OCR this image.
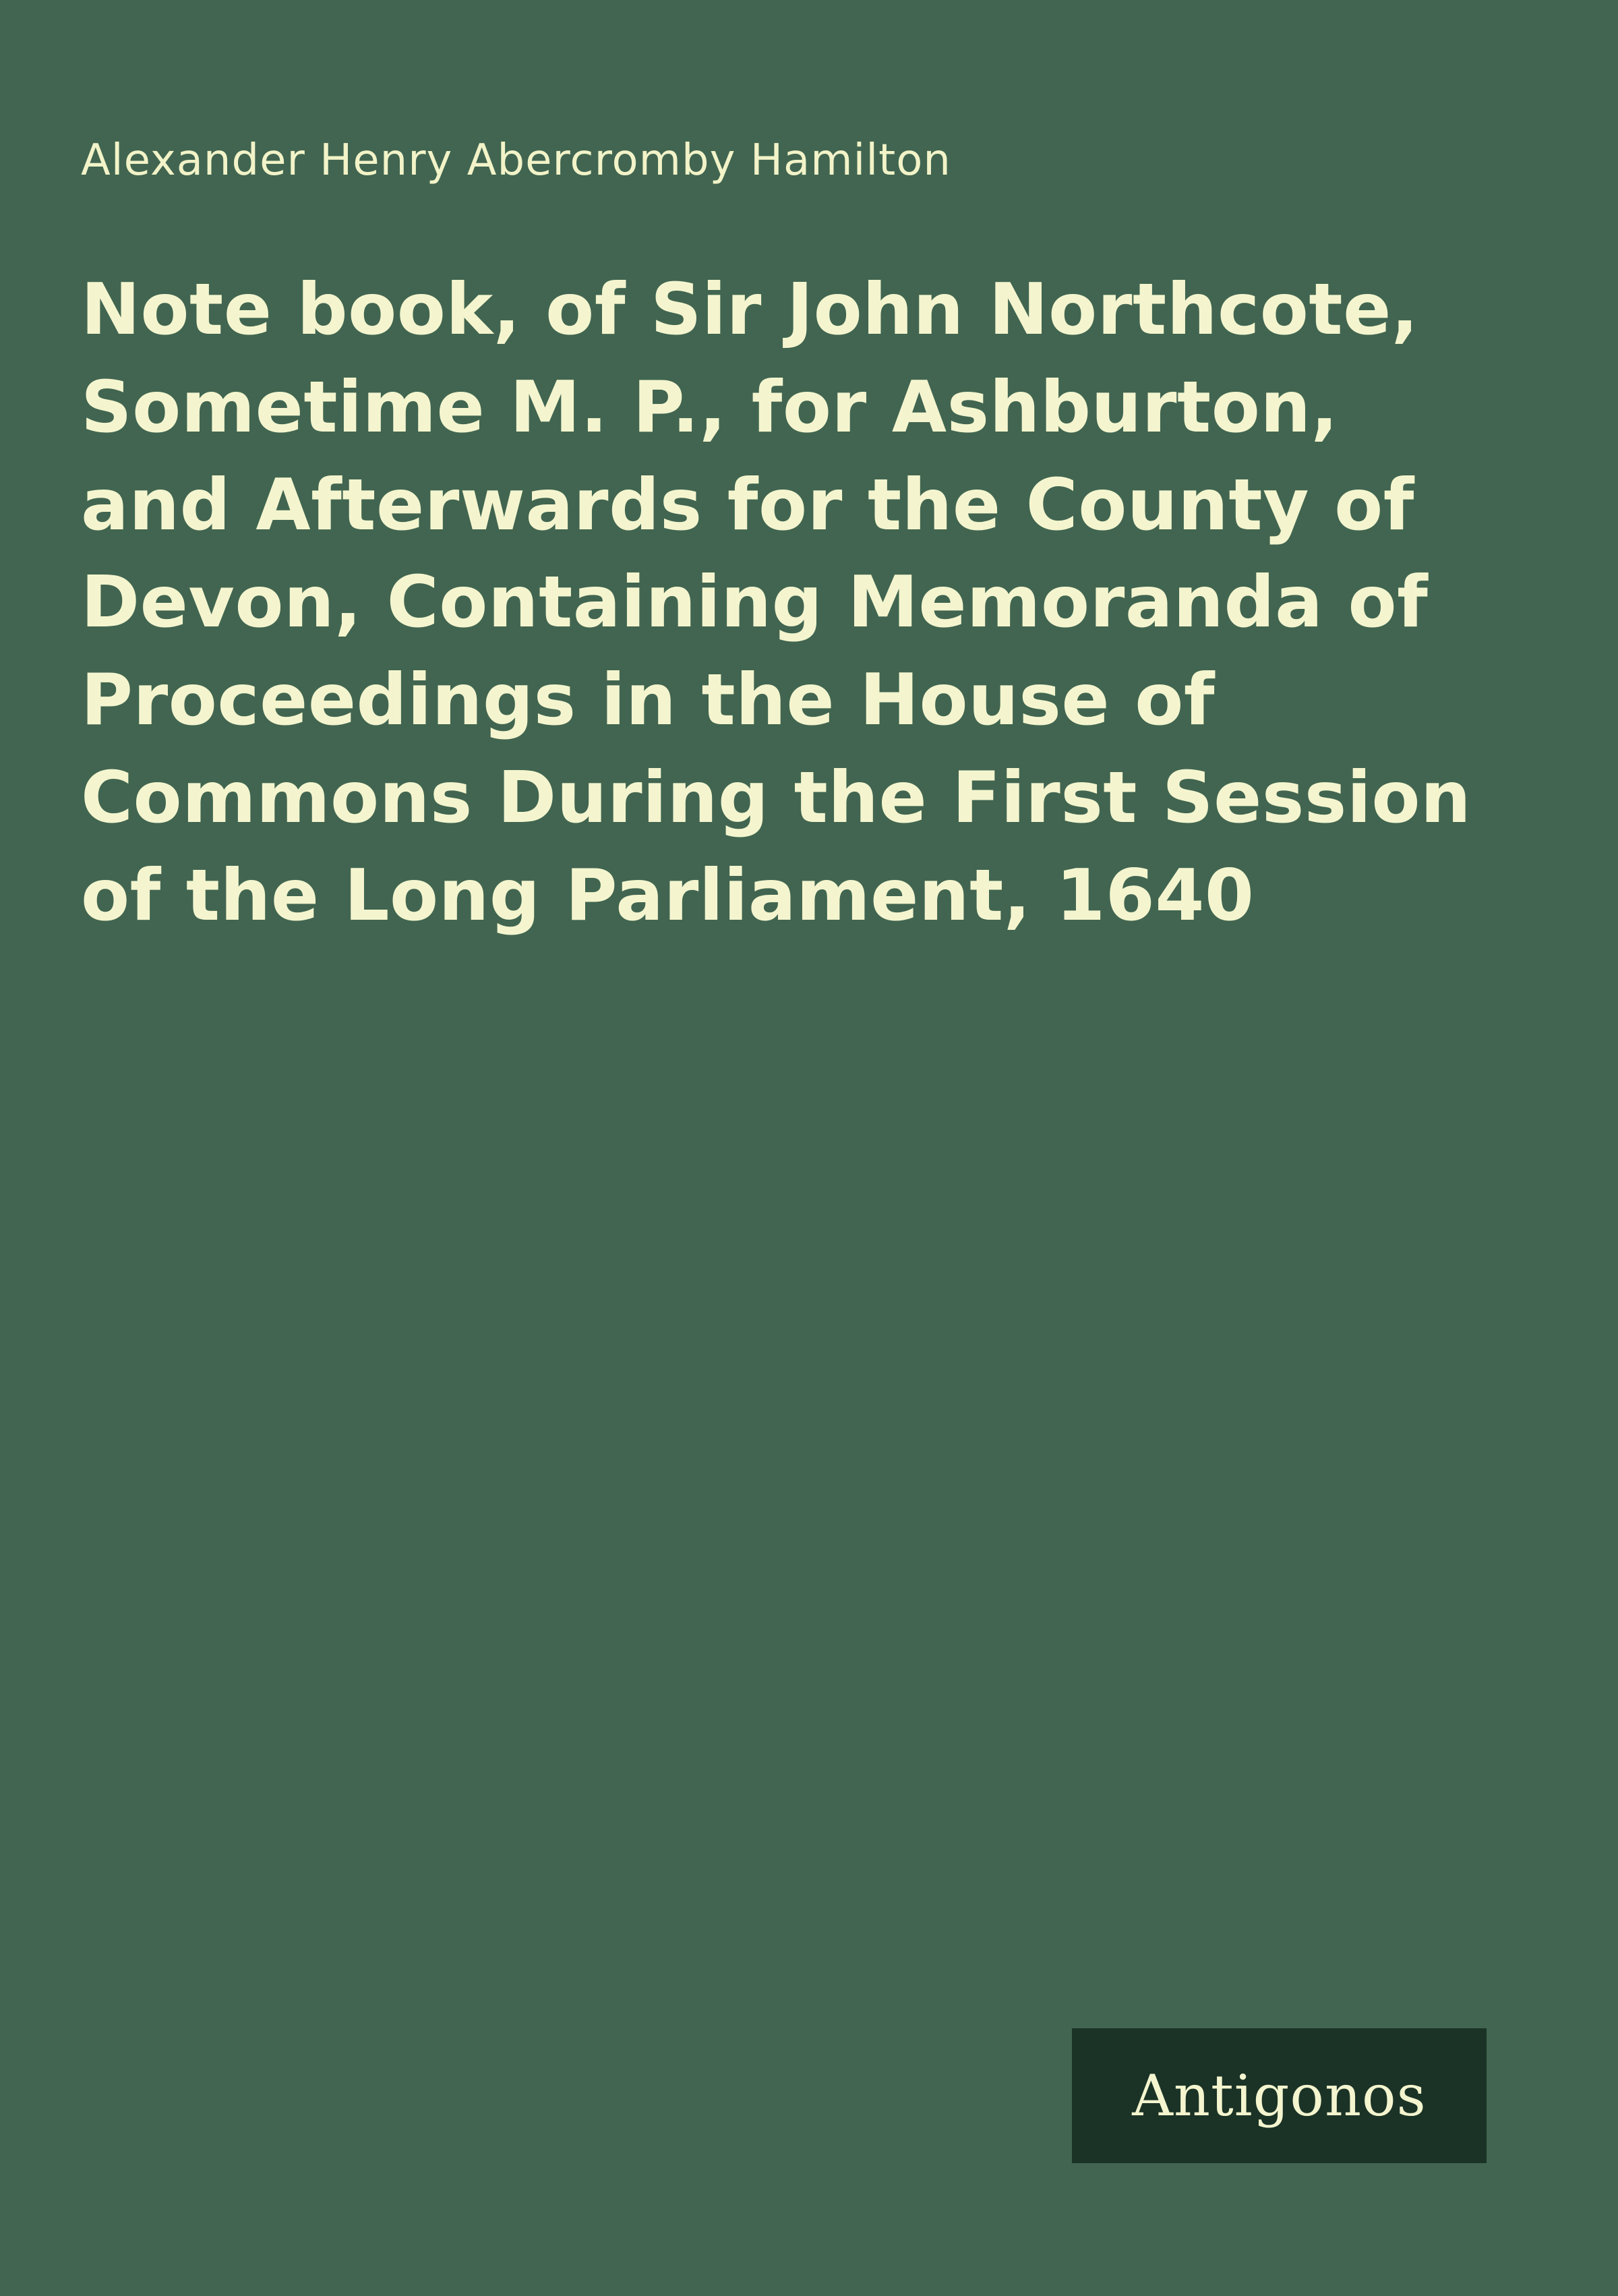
Alexander Henry Abercromby Hamilton
Note book, of Sir John Northcote, Sometime M. P., for Ashburton, and Afterwards for the County of Devon, Containing Memoranda of Proceedings in the House of Commons During the First Session of the Long Parliament, 1640
Antigonos
